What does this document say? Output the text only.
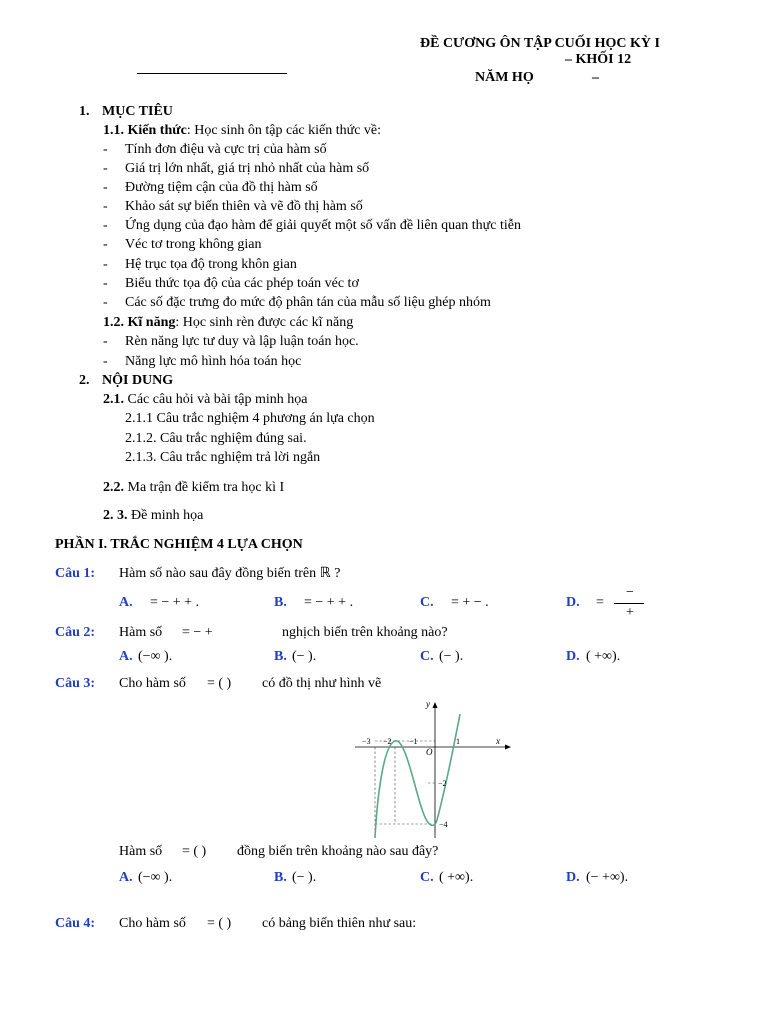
ĐỀ CƯƠNG ÔN TẬP CUỐI HỌC KỲ I
– KHỐI 12
NĂM HỌ	–
1. MỤC TIÊU
1.1. Kiến thức: Học sinh ôn tập các kiến thức về:
- Tính đơn điệu và cực trị của hàm số
- Giá trị lớn nhất, giá trị nhỏ nhất của hàm số
- Đường tiệm cận của đồ thị hàm số
- Khảo sát sự biến thiên và vẽ đồ thị hàm số
- Ứng dụng của đạo hàm để giải quyết một số vấn đề liên quan thực tiễn
- Véc tơ trong không gian
- Hệ trục tọa độ trong khôn gian
- Biểu thức tọa độ của các phép toán véc tơ
- Các số đặc trưng đo mức độ phân tán của mẫu số liệu ghép nhóm
1.2. Kĩ năng: Học sinh rèn được các kĩ năng
- Rèn năng lực tư duy và lập luận toán học.
- Năng lực mô hình hóa toán học
2. NỘI DUNG
2.1. Các câu hỏi và bài tập minh họa
2.1.1 Câu trắc nghiệm 4 phương án lựa chọn
2.1.2. Câu trắc nghiệm đúng sai.
2.1.3. Câu trắc nghiệm trả lời ngắn
2.2. Ma trận đề kiểm tra học kì I
2. 3. Đề minh họa
PHẦN I. TRẮC NGHIỆM 4 LỰA CHỌN
Câu 1: Hàm số nào sau đây đồng biến trên ℝ ?
A. = − + + .	B. = − + + .	C. = + − .	D. =
−
+
Câu 2: Hàm số = − +	nghịch biến trên khoảng nào?
A. (−∞ ).	B. (− ).	C. (− ).	D. ( +∞).
Câu 3: Cho hàm số = ( ) có đồ thị như hình vẽ
y
x
O
−3 −2 −1	1
−2
−4
Hàm số = ( ) đồng biến trên khoảng nào sau đây?
A. (−∞ ).	B. (− ).	C. ( +∞).	D. (− +∞).
Câu 4: Cho hàm số = ( ) có bảng biến thiên như sau:
